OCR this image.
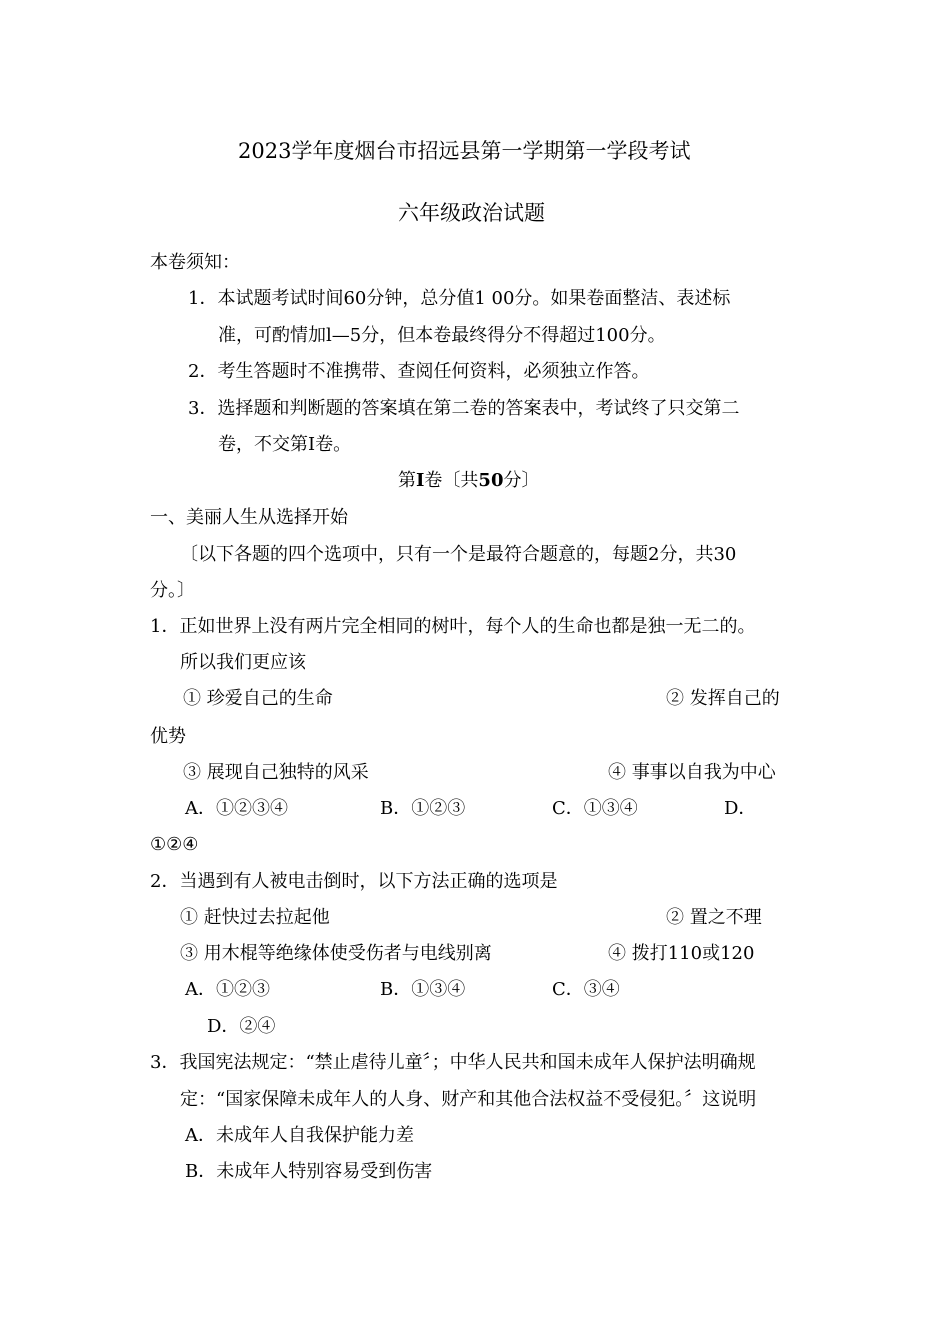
2023学年度烟台市招远县第一学期第一学段考试
六年级政治试题
本卷须知：
1．本试题考试时间60分钟，总分值1 00分。如果卷面整洁、表述标
准，可酌情加l—5分，但本卷最终得分不得超过100分。
2．考生答题时不准携带、查阅任何资料，必须独立作答。
3．选择题和判断题的答案填在第二卷的答案表中，考试终了只交第二
卷，不交第I卷。
第I卷〔共50分〕
一、美丽人生从选择开始
〔以下各题的四个选项中，只有一个是最符合题意的，每题2分，共30
分。〕
1．正如世界上没有两片完全相同的树叶，每个人的生命也都是独一无二的。
所以我们更应该
① 珍爱自己的生命	② 发挥自己的
优势
③ 展现自己独特的风采	④ 事事以自我为中心
A．①②③④	B．①②③	C．①③④	D．
①②④
2．当遇到有人被电击倒时，以下方法正确的选项是
① 赶快过去拉起他	② 置之不理
③ 用木棍等绝缘体使受伤者与电线别离	④ 拨打110或120
A．①②③	B．①③④	C．③④
D．②④
3．我国宪法规定：“禁止虐待儿童〞；中华人民共和国未成年人保护法明确规
定：“国家保障未成年人的人身、财产和其他合法权益不受侵犯。〞这说明
A．未成年人自我保护能力差
B．未成年人特别容易受到伤害
